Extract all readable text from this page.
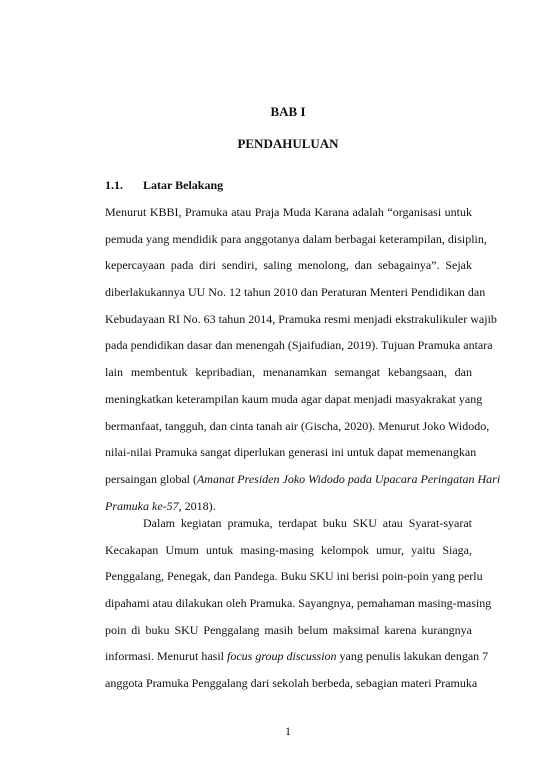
BAB I
PENDAHULUAN
1.1. Latar Belakang
Menurut KBBI, Pramuka atau Praja Muda Karana adalah “organisasi untuk
pemuda yang mendidik para anggotanya dalam berbagai keterampilan, disiplin,
kepercayaan pada diri sendiri, saling menolong, dan sebagainya”. Sejak
diberlakukannya UU No. 12 tahun 2010 dan Peraturan Menteri Pendidikan dan
Kebudayaan RI No. 63 tahun 2014, Pramuka resmi menjadi ekstrakulikuler wajib
pada pendidikan dasar dan menengah (Sjaifudian, 2019). Tujuan Pramuka antara
lain membentuk kepribadian, menanamkan semangat kebangsaan, dan
meningkatkan keterampilan kaum muda agar dapat menjadi masyakrakat yang
bermanfaat, tangguh, dan cinta tanah air (Gischa, 2020). Menurut Joko Widodo,
nilai-nilai Pramuka sangat diperlukan generasi ini untuk dapat memenangkan
persaingan global (Amanat Presiden Joko Widodo pada Upacara Peringatan Hari
Pramuka ke-57, 2018).
Dalam kegiatan pramuka, terdapat buku SKU atau Syarat-syarat
Kecakapan Umum untuk masing-masing kelompok umur, yaitu Siaga,
Penggalang, Penegak, dan Pandega. Buku SKU ini berisi poin-poin yang perlu
dipahami atau dilakukan oleh Pramuka. Sayangnya, pemahaman masing-masing
poin di buku SKU Penggalang masih belum maksimal karena kurangnya
informasi. Menurut hasil focus group discussion yang penulis lakukan dengan 7
anggota Pramuka Penggalang dari sekolah berbeda, sebagian materi Pramuka
1
